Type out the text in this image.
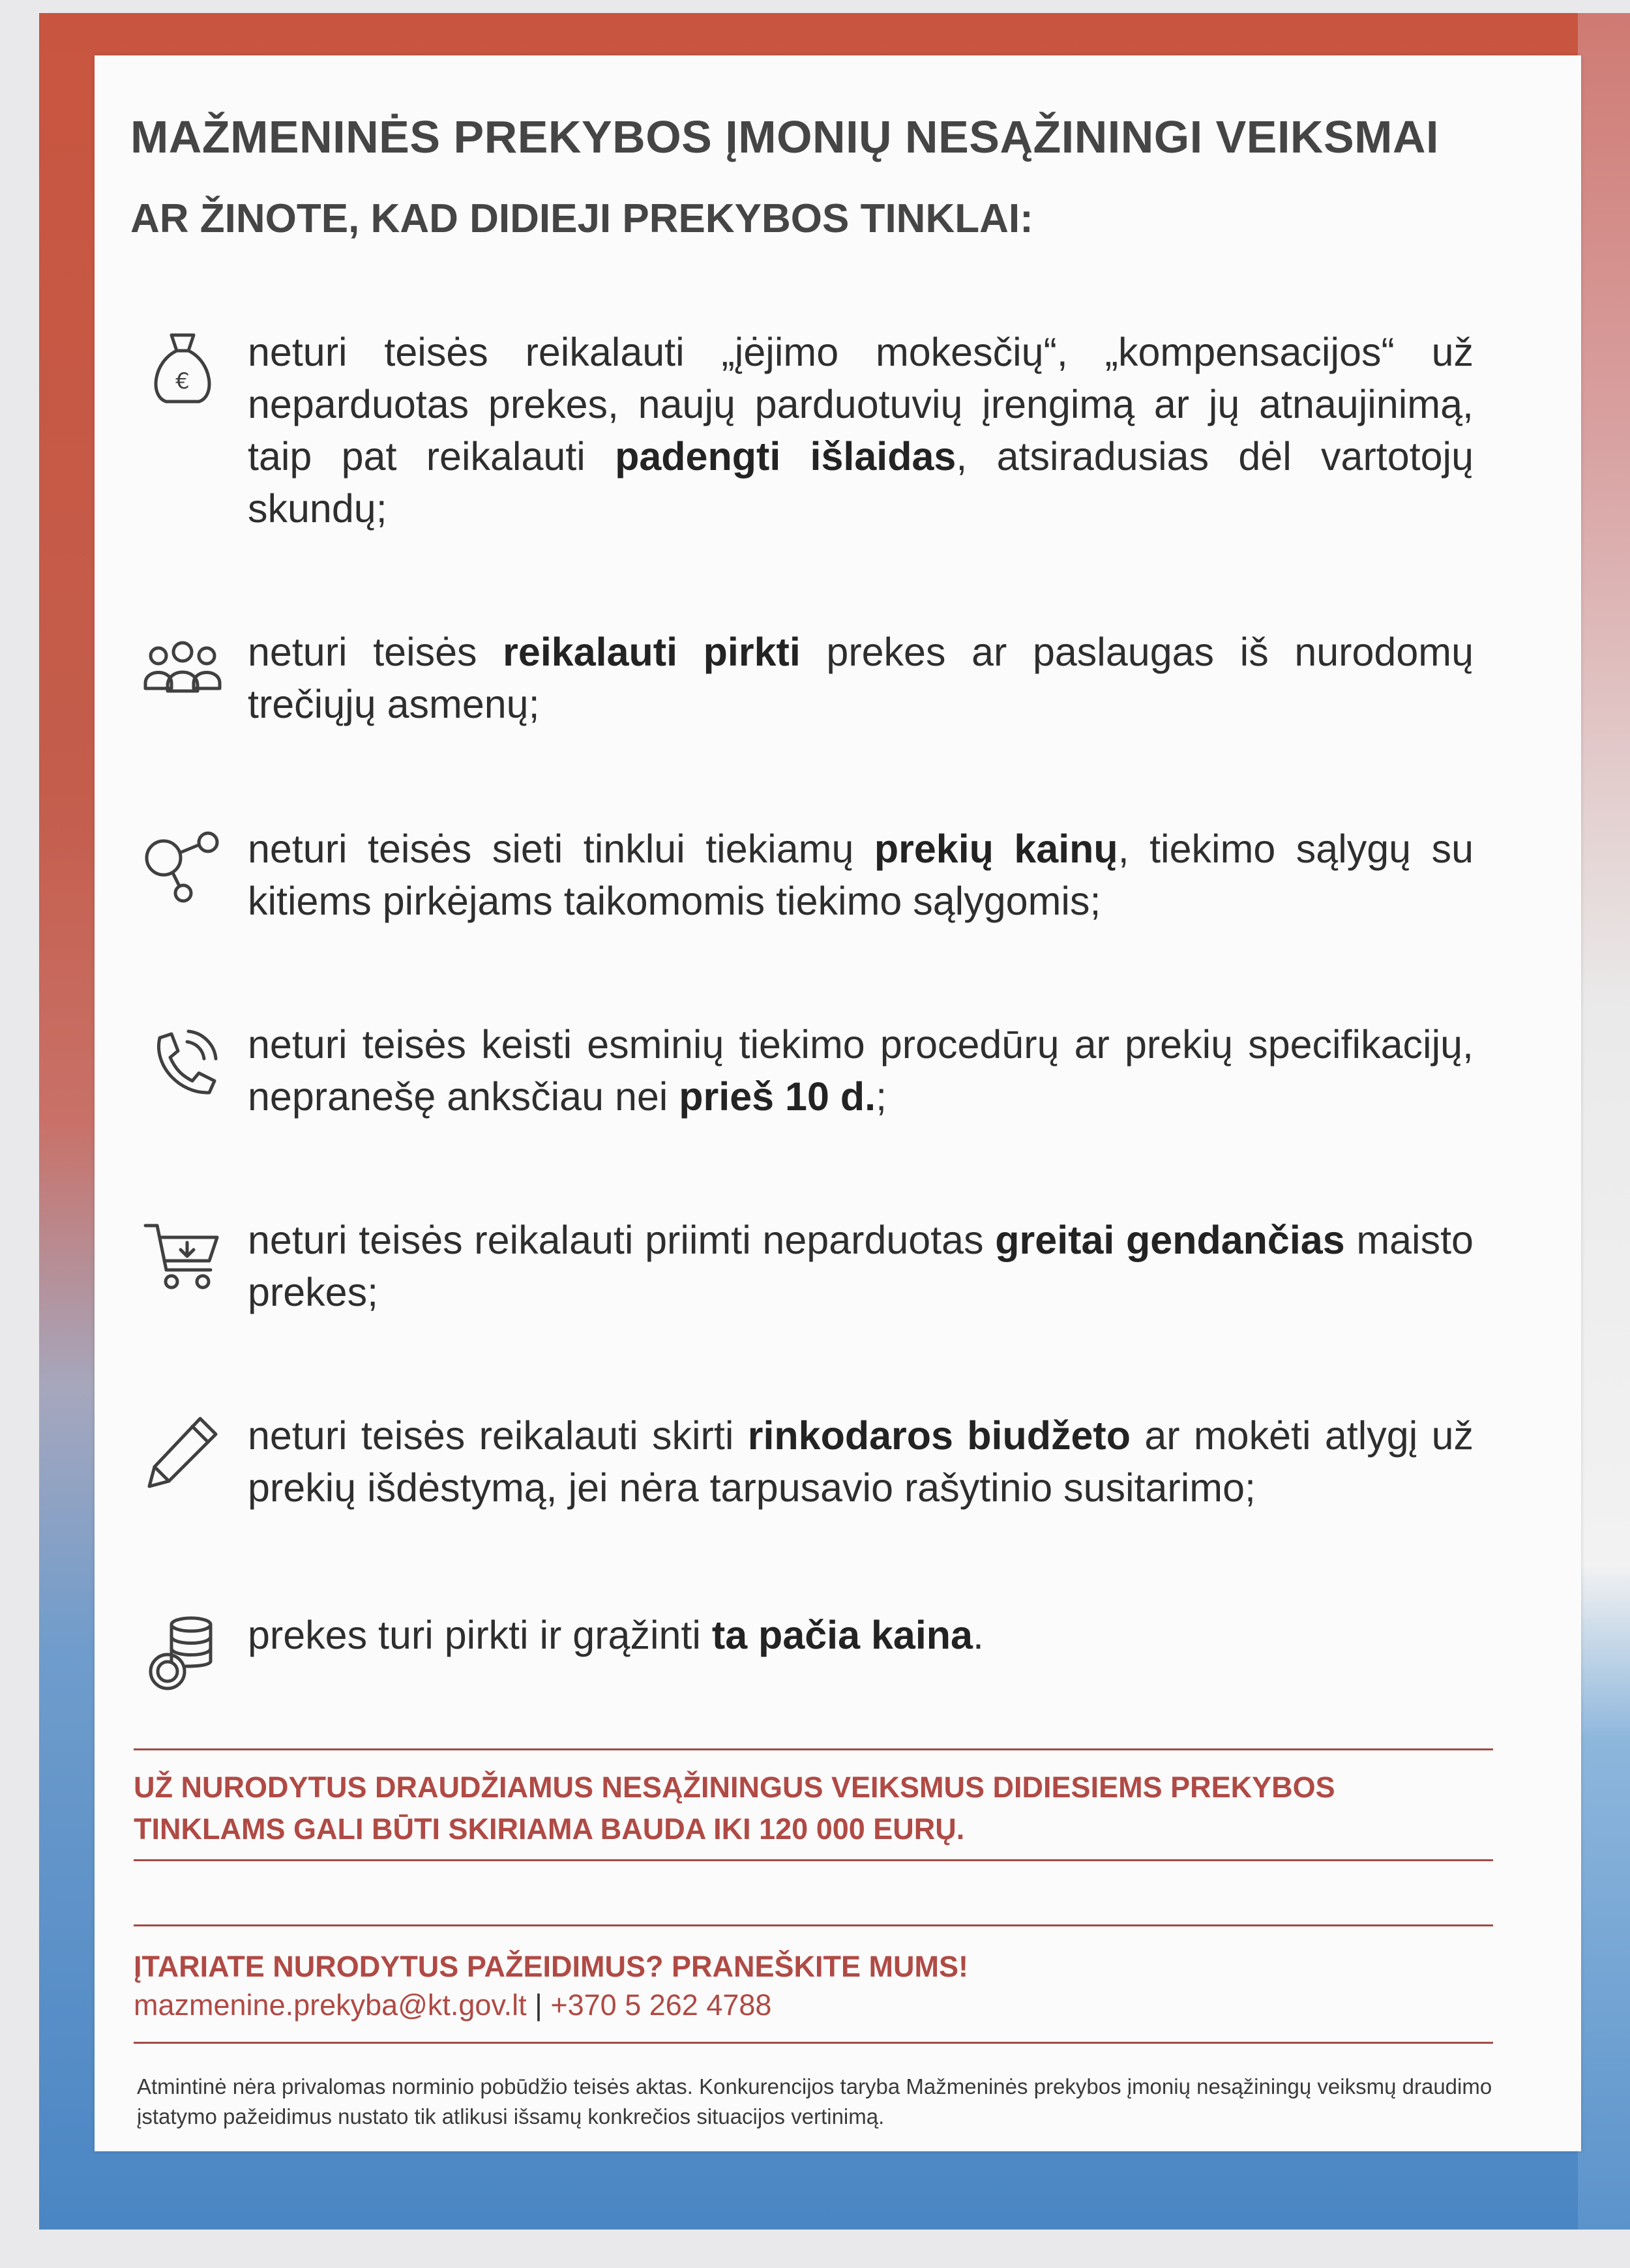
MAŽMENINĖS PREKYBOS ĮMONIŲ NESĄŽININGI VEIKSMAI
AR ŽINOTE, KAD DIDIEJI PREKYBOS TINKLAI:
€
neturi teisės reikalauti „įėjimo mokesčių“, „kompensacijos“ už neparduotas prekes, naujų parduotuvių įrengimą ar jų atnaujinimą, taip pat reikalauti padengti išlaidas, atsiradusias dėl vartotojų skundų;
neturi teisės reikalauti pirkti prekes ar paslaugas iš nurodomų trečiųjų asmenų;
neturi teisės sieti tinklui tiekiamų prekių kainų, tiekimo sąlygų su kitiems pirkėjams taikomomis tiekimo sąlygomis;
neturi teisės keisti esminių tiekimo procedūrų ar prekių specifikacijų, nepranešę anksčiau nei prieš 10 d.;
neturi teisės reikalauti priimti neparduotas greitai gendančias maisto prekes;
neturi teisės reikalauti skirti rinkodaros biudžeto ar mokėti atlygį už prekių išdėstymą, jei nėra tarpusavio rašytinio susitarimo;
prekes turi pirkti ir grąžinti ta pačia kaina.
UŽ NURODYTUS DRAUDŽIAMUS NESĄŽININGUS VEIKSMUS DIDIESIEMS PREKYBOS
TINKLAMS GALI BŪTI SKIRIAMA BAUDA IKI 120 000 EURŲ.
ĮTARIATE NURODYTUS PAŽEIDIMUS? PRANEŠKITE MUMS!
mazmenine.prekyba@kt.gov.lt | +370 5 262 4788
Atmintinė nėra privalomas norminio pobūdžio teisės aktas. Konkurencijos taryba Mažmeninės prekybos įmonių nesąžiningų veiksmų draudimo įstatymo pažeidimus nustato tik atlikusi išsamų konkrečios situacijos vertinimą.
